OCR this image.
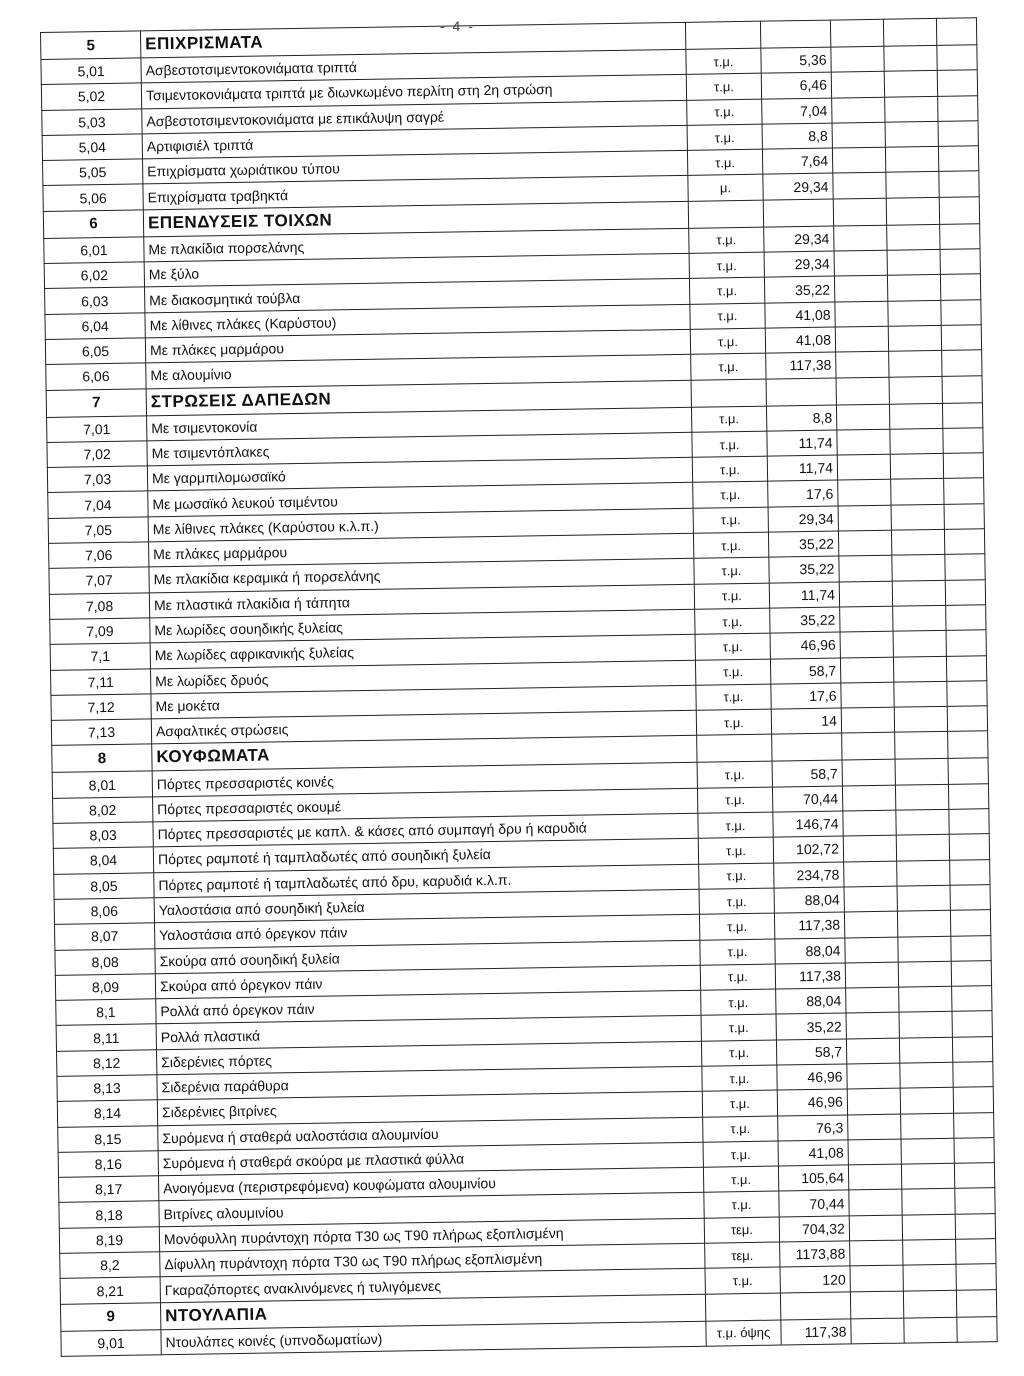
- 4 -
5	ΕΠΙΧΡΙΣΜΑΤΑ					
5,01	Ασβεστοτσιμεντοκονιάματα τριπτά	τ.μ.	5,36			
5,02	Τσιμεντοκονιάματα τριπτά με διωνκωμένο περλίτη στη 2η στρώση	τ.μ.	6,46			
5,03	Ασβεστοτσιμεντοκονιάματα με επικάλυψη σαγρέ	τ.μ.	7,04			
5,04	Αρτιφισιέλ τριπτά	τ.μ.	8,8			
5,05	Επιχρίσματα χωριάτικου τύπου	τ.μ.	7,64			
5,06	Επιχρίσματα τραβηκτά	μ.	29,34			
6	ΕΠΕΝΔΥΣΕΙΣ ΤΟΙΧΩΝ					
6,01	Με πλακίδια πορσελάνης	τ.μ.	29,34			
6,02	Με ξύλο	τ.μ.	29,34			
6,03	Με διακοσμητικά τούβλα	τ.μ.	35,22			
6,04	Με λίθινες πλάκες (Καρύστου)	τ.μ.	41,08			
6,05	Με πλάκες μαρμάρου	τ.μ.	41,08			
6,06	Με αλουμίνιο	τ.μ.	117,38			
7	ΣΤΡΩΣΕΙΣ ΔΑΠΕΔΩΝ					
7,01	Με τσιμεντοκονία	τ.μ.	8,8			
7,02	Με τσιμεντόπλακες	τ.μ.	11,74			
7,03	Με γαρμπιλομωσαϊκό	τ.μ.	11,74			
7,04	Με μωσαϊκό λευκού τσιμέντου	τ.μ.	17,6			
7,05	Με λίθινες πλάκες (Καρύστου κ.λ.π.)	τ.μ.	29,34			
7,06	Με πλάκες μαρμάρου	τ.μ.	35,22			
7,07	Με πλακίδια κεραμικά ή πορσελάνης	τ.μ.	35,22			
7,08	Με πλαστικά πλακίδια ή τάπητα	τ.μ.	11,74			
7,09	Με λωρίδες σουηδικής ξυλείας	τ.μ.	35,22			
7,1	Με λωρίδες αφρικανικής ξυλείας	τ.μ.	46,96			
7,11	Με λωρίδες δρυός	τ.μ.	58,7			
7,12	Με μοκέτα	τ.μ.	17,6			
7,13	Ασφαλτικές στρώσεις	τ.μ.	14			
8	ΚΟΥΦΩΜΑΤΑ					
8,01	Πόρτες πρεσσαριστές κοινές	τ.μ.	58,7			
8,02	Πόρτες πρεσσαριστές οκουμέ	τ.μ.	70,44			
8,03	Πόρτες πρεσσαριστές με καπλ. & κάσες από συμπαγή δρυ ή καρυδιά	τ.μ.	146,74			
8,04	Πόρτες ραμποτέ ή ταμπλαδωτές από σουηδική ξυλεία	τ.μ.	102,72			
8,05	Πόρτες ραμποτέ ή ταμπλαδωτές από δρυ, καρυδιά κ.λ.π.	τ.μ.	234,78			
8,06	Υαλοστάσια από σουηδική ξυλεία	τ.μ.	88,04			
8,07	Υαλοστάσια από όρεγκον πάιν	τ.μ.	117,38			
8,08	Σκούρα από σουηδική ξυλεία	τ.μ.	88,04			
8,09	Σκούρα από όρεγκον πάιν	τ.μ.	117,38			
8,1	Ρολλά από όρεγκον πάιν	τ.μ.	88,04			
8,11	Ρολλά πλαστικά	τ.μ.	35,22			
8,12	Σιδερένιες πόρτες	τ.μ.	58,7			
8,13	Σιδερένια παράθυρα	τ.μ.	46,96			
8,14	Σιδερένιες βιτρίνες	τ.μ.	46,96			
8,15	Συρόμενα ή σταθερά υαλοστάσια αλουμινίου	τ.μ.	76,3			
8,16	Συρόμενα ή σταθερά σκούρα με πλαστικά φύλλα	τ.μ.	41,08			
8,17	Ανοιγόμενα (περιστρεφόμενα) κουφώματα αλουμινίου	τ.μ.	105,64			
8,18	Βιτρίνες αλουμινίου	τ.μ.	70,44			
8,19	Μονόφυλλη πυράντοχη πόρτα Τ30 ως Τ90 πλήρως εξοπλισμένη	τεμ.	704,32			
8,2	Δίφυλλη πυράντοχη πόρτα Τ30 ως Τ90 πλήρως εξοπλισμένη	τεμ.	1173,88			
8,21	Γκαραζόπορτες ανακλινόμενες ή τυλιγόμενες	τ.μ.	120			
9	ΝΤΟΥΛΑΠΙΑ					
9,01	Ντουλάπες κοινές (υπνοδωματίων)	τ.μ. όψης	117,38			
